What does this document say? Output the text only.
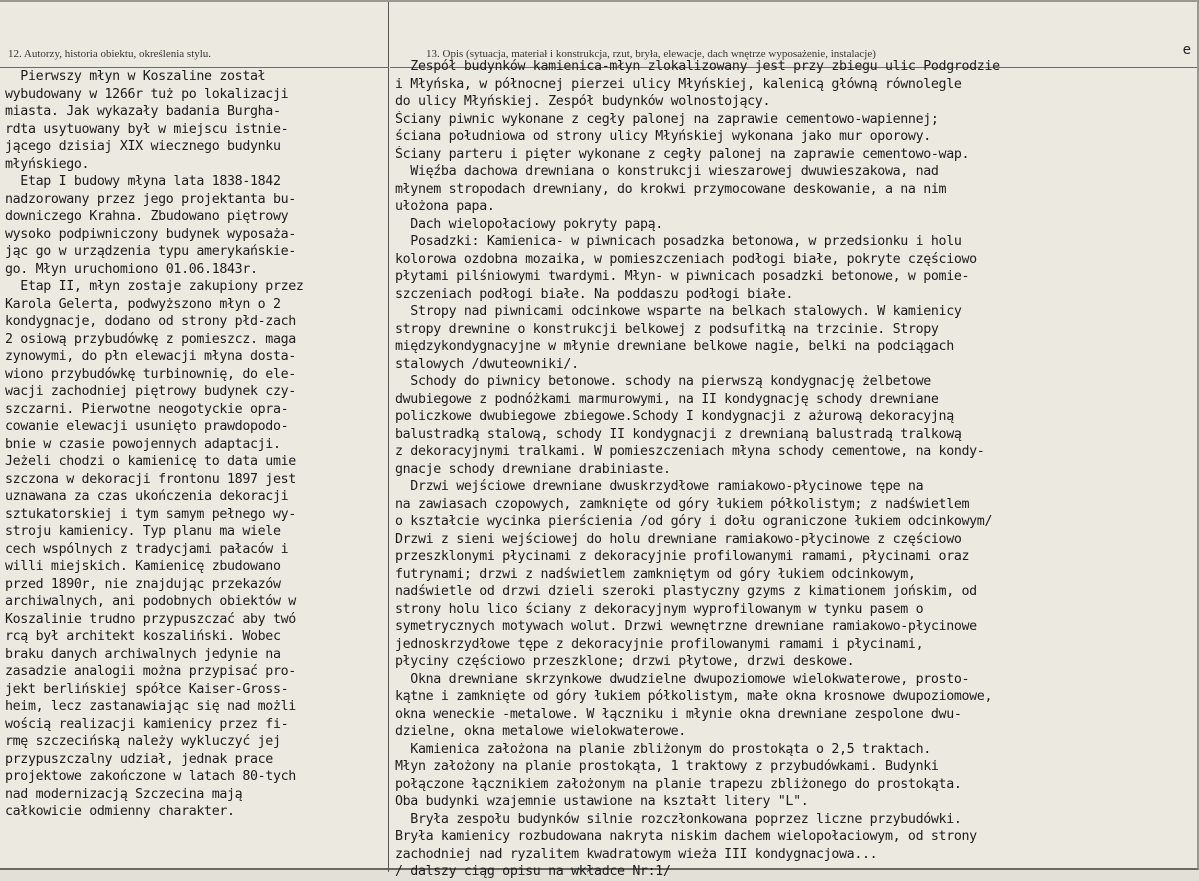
12. Autorzy, historia obiektu, określenia stylu.	13. Opis (sytuacja, materiał i konstrukcja, rzut, bryła, elewacje, dach wnętrze wyposażenie, instalacje)	e
Pierwszy młyn w Koszaline został
wybudowany w 1266r tuż po lokalizacji
miasta. Jak wykazały badania Burgha-
rdta usytuowany był w miejscu istnie-
jącego dzisiaj XIX wiecznego budynku
młyńskiego.
Etap I budowy młyna lata 1838-1842
nadzorowany przez jego projektanta bu-
downiczego Krahna. Zbudowano piętrowy
wysoko podpiwniczony budynek wyposaża-
jąc go w urządzenia typu amerykańskie-
go. Młyn uruchomiono 01.06.1843r.
Etap II, młyn zostaje zakupiony przez
Karola Gelerta, podwyższono młyn o 2
kondygnacje, dodano od strony płd-zach
2 osiową przybudówkę z pomieszcz. maga
zynowymi, do płn elewacji młyna dosta-
wiono przybudówkę turbinownię, do ele-
wacji zachodniej piętrowy budynek czy-
szczarni. Pierwotne neogotyckie opra-
cowanie elewacji usunięto prawdopodo-
bnie w czasie powojennych adaptacji.
Jeżeli chodzi o kamienicę to data umie
szczona w dekoracji frontonu 1897 jest
uznawana za czas ukończenia dekoracji
sztukatorskiej i tym samym pełnego wy-
stroju kamienicy. Typ planu ma wiele
cech wspólnych z tradycjami pałaców i
willi miejskich. Kamienicę zbudowano
przed 1890r, nie znajdując przekazów
archiwalnych, ani podobnych obiektów w
Koszalinie trudno przypuszczać aby twó
rcą był architekt koszaliński. Wobec
braku danych archiwalnych jedynie na
zasadzie analogii można przypisać pro-
jekt berlińskiej spółce Kaiser-Gross-
heim, lecz zastanawiając się nad możli
wością realizacji kamienicy przez fi-
rmę szczecińską należy wykluczyć jej
przypuszczalny udział, jednak prace
projektowe zakończone w latach 80-tych
nad modernizacją Szczecina mają
całkowicie odmienny charakter.
Zespół budynków kamienica-młyn zlokalizowany jest przy zbiegu ulic Podgrodzie
i Młyńska, w północnej pierzei ulicy Młyńskiej, kalenicą główną równolegle
do ulicy Młyńskiej. Zespół budynków wolnostojący.
Ściany piwnic wykonane z cegły palonej na zaprawie cementowo-wapiennej;
ściana południowa od strony ulicy Młyńskiej wykonana jako mur oporowy.
Ściany parteru i pięter wykonane z cegły palonej na zaprawie cementowo-wap.
Więźba dachowa drewniana o konstrukcji wieszarowej dwuwieszakowa, nad
młynem stropodach drewniany, do krokwi przymocowane deskowanie, a na nim
ułożona papa.
Dach wielopołaciowy pokryty papą.
Posadzki: Kamienica- w piwnicach posadzka betonowa, w przedsionku i holu
kolorowa ozdobna mozaika, w pomieszczeniach podłogi białe, pokryte częściowo
płytami pilśniowymi twardymi. Młyn- w piwnicach posadzki betonowe, w pomie-
szczeniach podłogi białe. Na poddaszu podłogi białe.
Stropy nad piwnicami odcinkowe wsparte na belkach stalowych. W kamienicy
stropy drewnine o konstrukcji belkowej z podsufitką na trzcinie. Stropy
międzykondygnacyjne w młynie drewniane belkowe nagie, belki na podciągach
stalowych /dwuteowniki/.
Schody do piwnicy betonowe. schody na pierwszą kondygnację żelbetowe
dwubiegowe z podnóżkami marmurowymi, na II kondygnację schody drewniane
policzkowe dwubiegowe zbiegowe.Schody I kondygnacji z ażurową dekoracyjną
balustradką stalową, schody II kondygnacji z drewnianą balustradą tralkową
z dekoracyjnymi tralkami. W pomieszczeniach młyna schody cementowe, na kondy-
gnacje schody drewniane drabiniaste.
Drzwi wejściowe drewniane dwuskrzydłowe ramiakowo-płycinowe tępe na
na zawiasach czopowych, zamknięte od góry łukiem półkolistym; z nadświetlem
o kształcie wycinka pierścienia /od góry i dołu ograniczone łukiem odcinkowym/
Drzwi z sieni wejściowej do holu drewniane ramiakowo-płycinowe z częściowo
przeszklonymi płycinami z dekoracyjnie profilowanymi ramami, płycinami oraz
futrynami; drzwi z nadświetlem zamkniętym od góry łukiem odcinkowym,
nadświetle od drzwi dzieli szeroki plastyczny gzyms z kimationem jońskim, od
strony holu lico ściany z dekoracyjnym wyprofilowanym w tynku pasem o
symetrycznych motywach wolut. Drzwi wewnętrzne drewniane ramiakowo-płycinowe
jednoskrzydłowe tępe z dekoracyjnie profilowanymi ramami i płycinami,
płyciny częściowo przeszklone; drzwi płytowe, drzwi deskowe.
Okna drewniane skrzynkowe dwudzielne dwupoziomowe wielokwaterowe, prosto-
kątne i zamknięte od góry łukiem półkolistym, małe okna krosnowe dwupoziomowe,
okna weneckie -metalowe. W łączniku i młynie okna drewniane zespolone dwu-
dzielne, okna metalowe wielokwaterowe.
Kamienica założona na planie zbliżonym do prostokąta o 2,5 traktach.
Młyn założony na planie prostokąta, 1 traktowy z przybudówkami. Budynki
połączone łącznikiem założonym na planie trapezu zbliżonego do prostokąta.
Oba budynki wzajemnie ustawione na kształt litery "L".
Bryła zespołu budynków silnie rozczłonkowana poprzez liczne przybudówki.
Bryła kamienicy rozbudowana nakryta niskim dachem wielopołaciowym, od strony
zachodniej nad ryzalitem kwadratowym wieża III kondygnacjowa...
/ dalszy ciąg opisu na wkładce Nr:1/
